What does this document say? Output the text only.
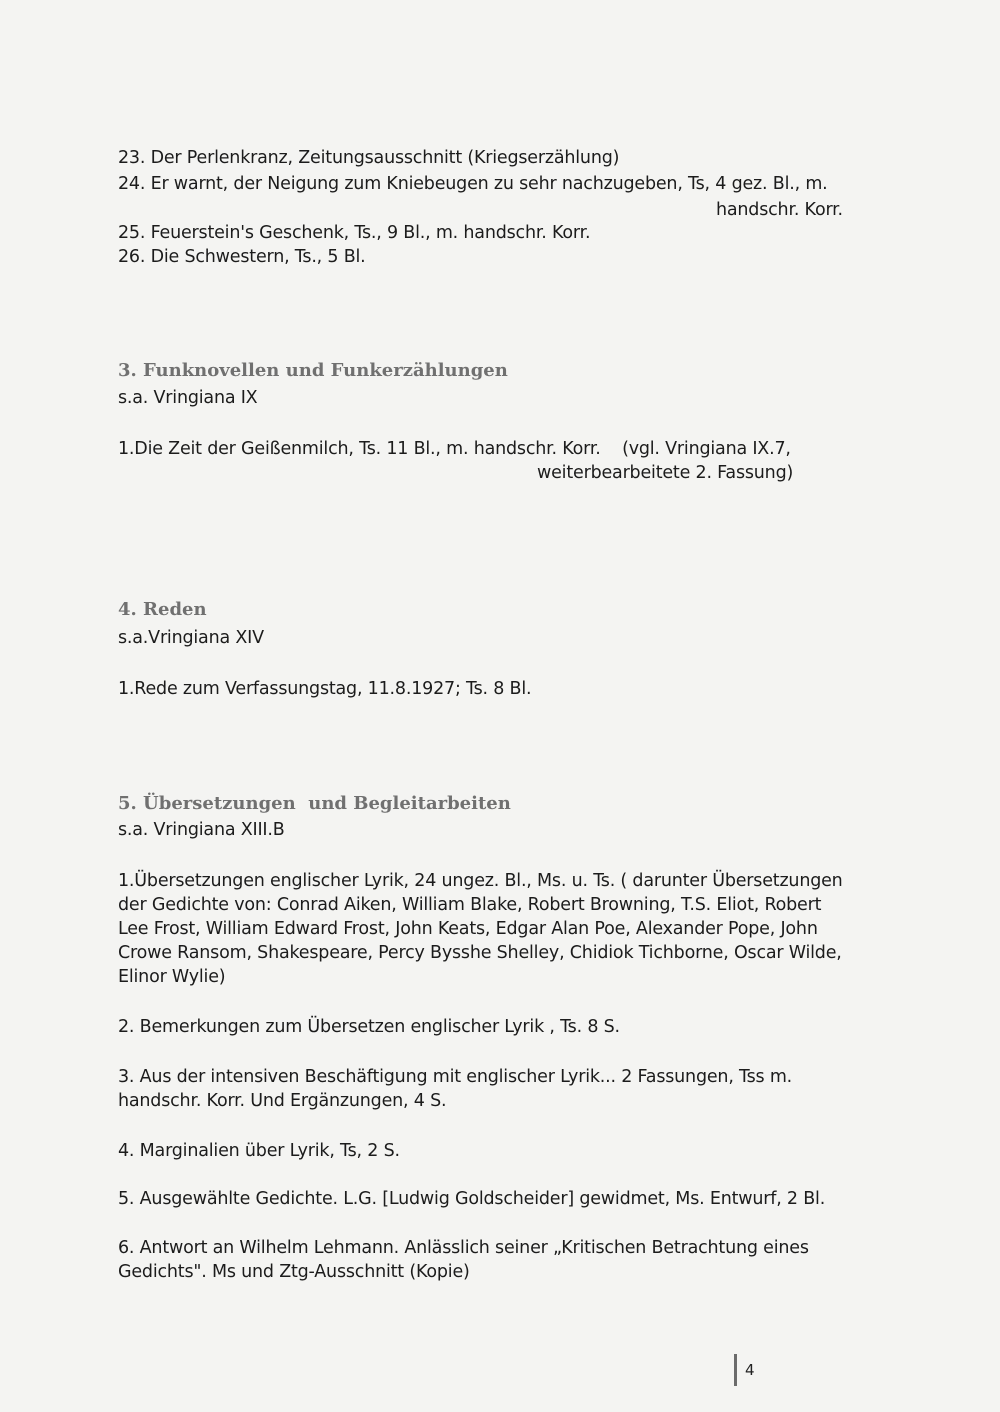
23. Der Perlenkranz, Zeitungsausschnitt (Kriegserzählung)
24. Er warnt, der Neigung zum Kniebeugen zu sehr nachzugeben, Ts, 4 gez. Bl., m.
handschr. Korr.
25. Feuerstein's Geschenk, Ts., 9 Bl., m. handschr. Korr.
26. Die Schwestern, Ts., 5 Bl.
3. Funknovellen und Funkerzählungen
s.a. Vringiana IX
1.Die Zeit der Geißenmilch, Ts. 11 Bl., m. handschr. Korr.    (vgl. Vringiana IX.7,
weiterbearbeitete 2. Fassung)
4. Reden
s.a.Vringiana XIV
1.Rede zum Verfassungstag, 11.8.1927; Ts. 8 Bl.
5. Übersetzungen  und Begleitarbeiten
s.a. Vringiana XIII.B
1.Übersetzungen englischer Lyrik, 24 ungez. Bl., Ms. u. Ts. ( darunter Übersetzungen
der Gedichte von: Conrad Aiken, William Blake, Robert Browning, T.S. Eliot, Robert
Lee Frost, William Edward Frost, John Keats, Edgar Alan Poe, Alexander Pope, John
Crowe Ransom, Shakespeare, Percy Bysshe Shelley, Chidiok Tichborne, Oscar Wilde,
Elinor Wylie)
2. Bemerkungen zum Übersetzen englischer Lyrik , Ts. 8 S.
3. Aus der intensiven Beschäftigung mit englischer Lyrik... 2 Fassungen, Tss m.
handschr. Korr. Und Ergänzungen, 4 S.
4. Marginalien über Lyrik, Ts, 2 S.
5. Ausgewählte Gedichte. L.G. [Ludwig Goldscheider] gewidmet, Ms. Entwurf, 2 Bl.
6. Antwort an Wilhelm Lehmann. Anlässlich seiner „Kritischen Betrachtung eines
Gedichts". Ms und Ztg-Ausschnitt (Kopie)
4
